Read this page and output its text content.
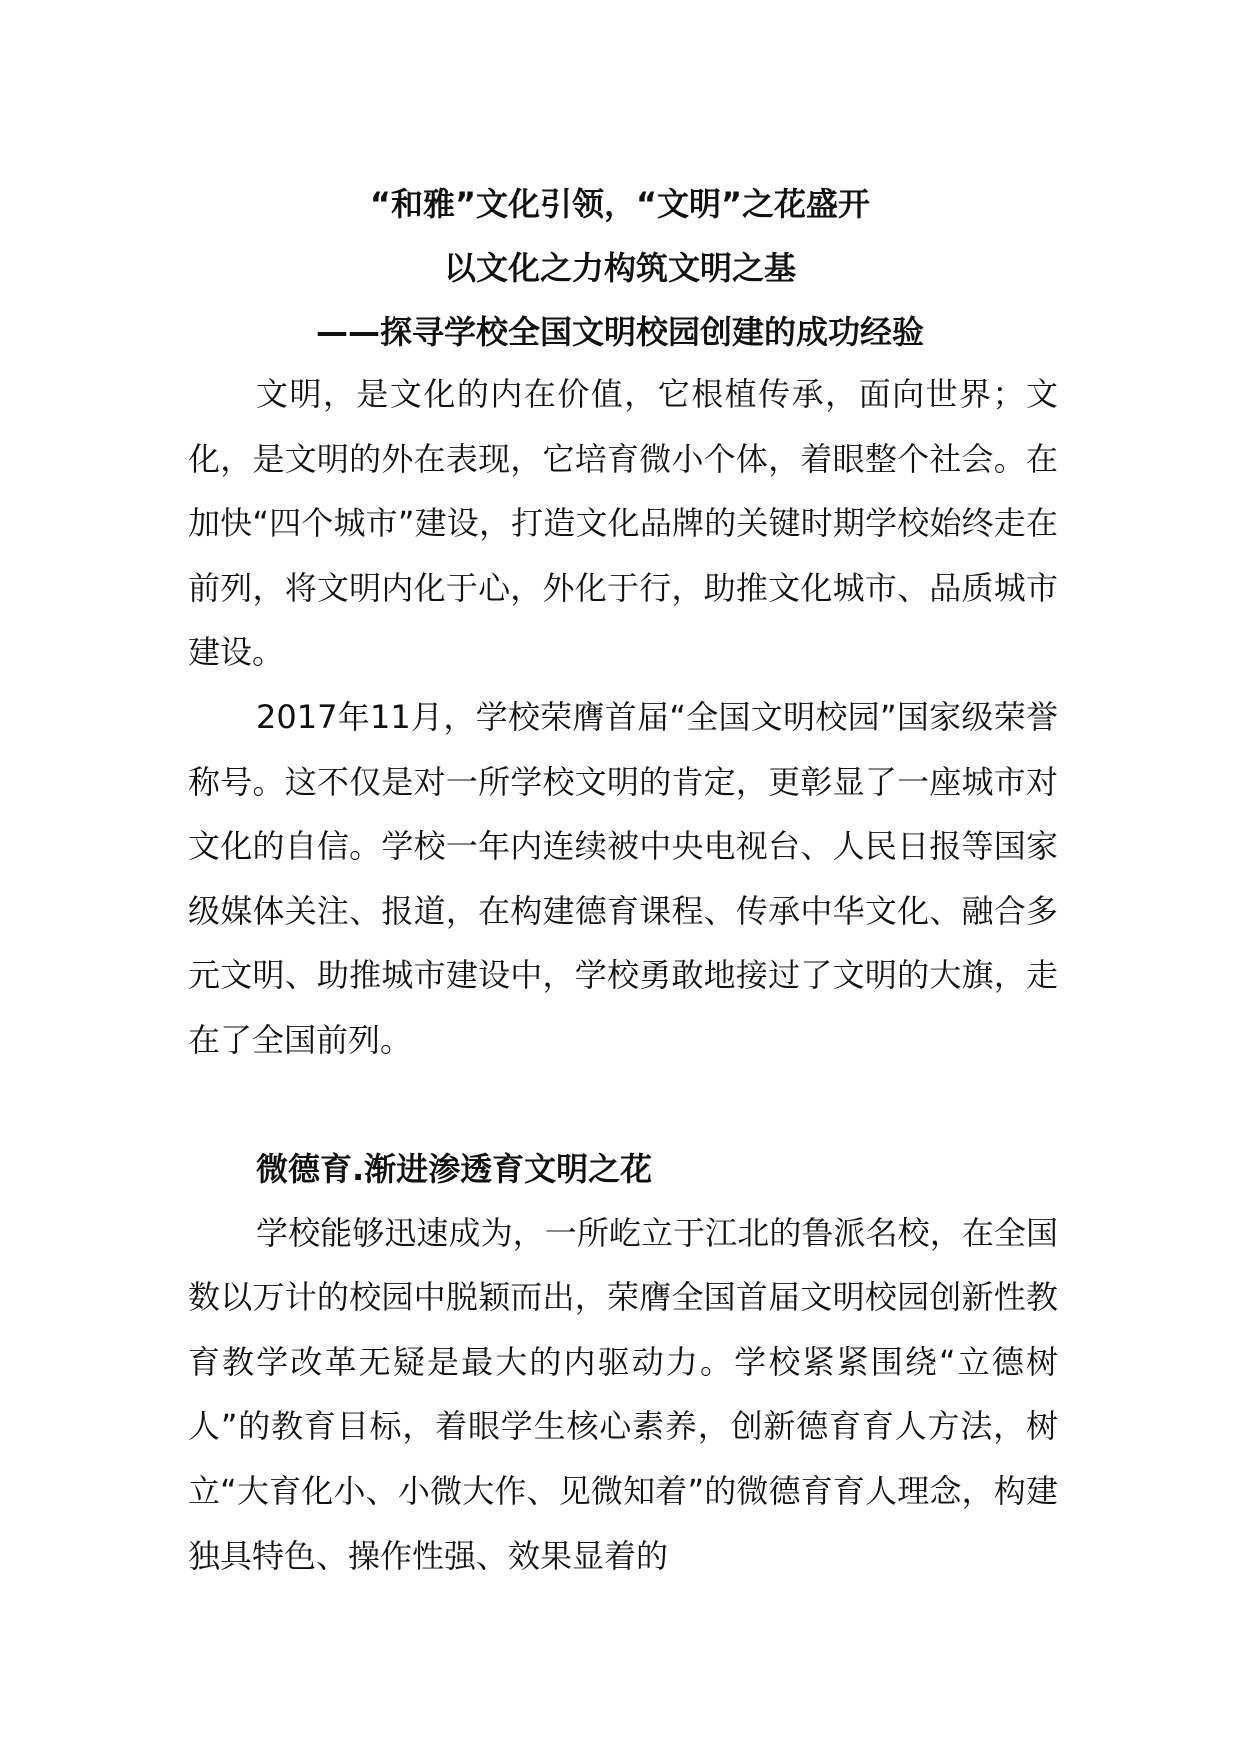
“和雅”文化引领，“文明”之花盛开
以文化之力构筑文明之基
——探寻学校全国文明校园创建的成功经验

文明，是文化的内在价值，它根植传承，面向世界；文化，是文明的外在表现，它培育微小个体，着眼整个社会。在加快“四个城市”建设，打造文化品牌的关键时期学校始终走在前列，将文明内化于心，外化于行，助推文化城市、品质城市建设。

2017年11月，学校荣膺首届“全国文明校园”国家级荣誉称号。这不仅是对一所学校文明的肯定，更彰显了一座城市对文化的自信。学校一年内连续被中央电视台、人民日报等国家级媒体关注、报道，在构建德育课程、传承中华文化、融合多元文明、助推城市建设中，学校勇敢地接过了文明的大旗，走在了全国前列。

微德育.渐进渗透育文明之花

学校能够迅速成为，一所屹立于江北的鲁派名校，在全国数以万计的校园中脱颖而出，荣膺全国首届文明校园创新性教育教学改革无疑是最大的内驱动力。学校紧紧围绕“立德树人”的教育目标，着眼学生核心素养，创新德育育人方法，树立“大育化小、小微大作、见微知着”的微德育育人理念，构建独具特色、操作性强、效果显着的
